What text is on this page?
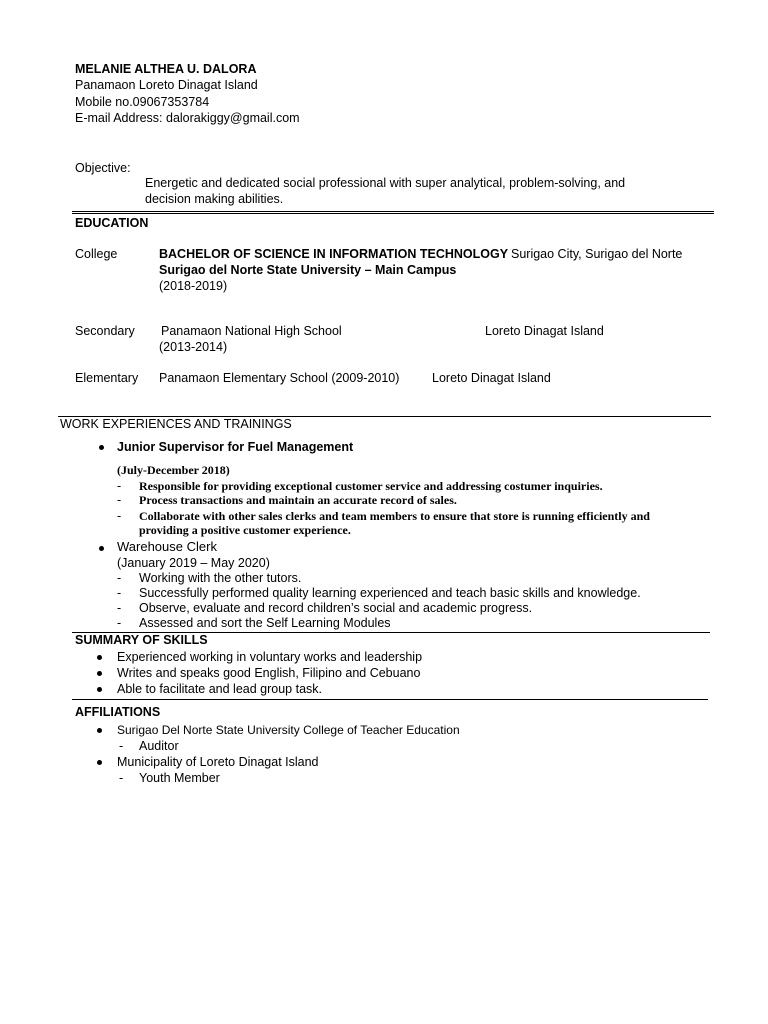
MELANIE ALTHEA U. DALORA
Panamaon Loreto Dinagat Island
Mobile no.09067353784
E-mail Address: dalorakiggy@gmail.com
Objective:
Energetic and dedicated social professional with super analytical, problem-solving, and
decision making abilities.
EDUCATION
College	BACHELOR OF SCIENCE IN INFORMATION TECHNOLOGY Surigao City, Surigao del Norte
Surigao del Norte State University – Main Campus
(2018-2019)
Secondary Panamaon National High School	Loreto Dinagat Island
(2013-2014)
Elementary Panamaon Elementary School (2009-2010)	Loreto Dinagat Island
WORK EXPERIENCES AND TRAININGS
Junior Supervisor for Fuel Management
(July-December 2018)
- Responsible for providing exceptional customer service and addressing costumer inquiries.
- Process transactions and maintain an accurate record of sales.
- Collaborate with other sales clerks and team members to ensure that store is running efficiently and
providing a positive customer experience.
Warehouse Clerk
(January 2019 – May 2020)
- Working with the other tutors.
- Successfully performed quality learning experienced and teach basic skills and knowledge.
- Observe, evaluate and record children’s social and academic progress.
- Assessed and sort the Self Learning Modules
SUMMARY OF SKILLS
Experienced working in voluntary works and leadership
Writes and speaks good English, Filipino and Cebuano
Able to facilitate and lead group task.
AFFILIATIONS
Surigao Del Norte State University College of Teacher Education
- Auditor
Municipality of Loreto Dinagat Island
- Youth Member
